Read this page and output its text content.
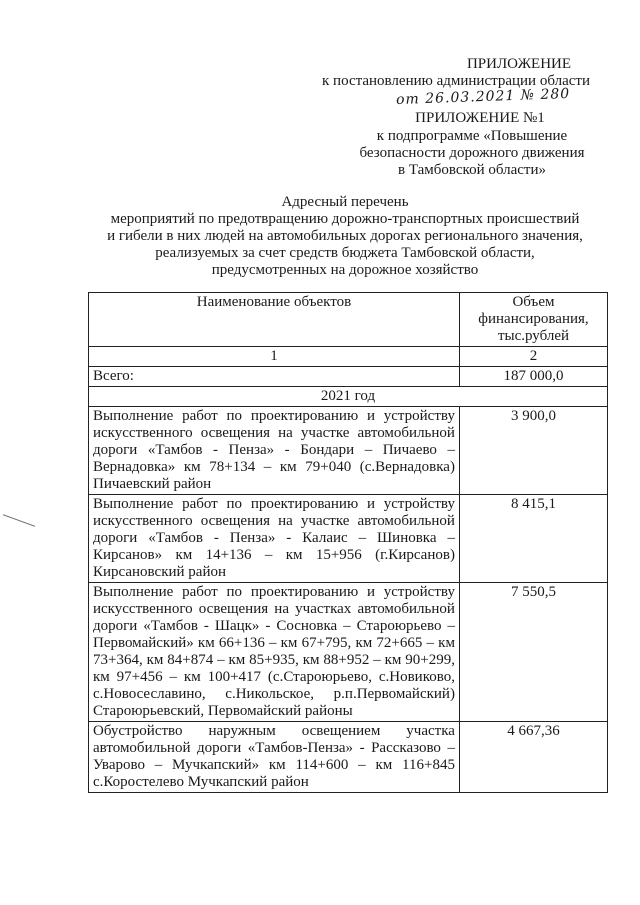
ПРИЛОЖЕНИЕ
к постановлению администрации области
от 26.03.2021 № 280
ПРИЛОЖЕНИЕ №1
к подпрограмме «Повышение
безопасности дорожного движения
в Тамбовской области»
Адресный перечень
мероприятий по предотвращению дорожно-транспортных происшествий
и гибели в них людей на автомобильных дорогах регионального значения,
реализуемых за счет средств бюджета Тамбовской области,
предусмотренных на дорожное хозяйство
Наименование объектов	Объем финансирования, тыс.рублей
1	2
Всего:	187 000,0
2021 год	
Выполнение работ по проектированию и устройству искусственного освещения на участке автомобильной дороги «Тамбов - Пенза» - Бондари – Пичаево – Вернадовка» км 78+134 – км 79+040 (с.Вернадовка) Пичаевский район	3 900,0
Выполнение работ по проектированию и устройству искусственного освещения на участке автомобильной дороги «Тамбов - Пенза» - Калаис – Шиновка – Кирсанов» км 14+136 – км 15+956 (г.Кирсанов) Кирсановский район	8 415,1
Выполнение работ по проектированию и устройству искусственного освещения на участках автомобильной дороги «Тамбов - Шацк» - Сосновка – Староюрьево – Первомайский» км 66+136 – км 67+795, км 72+665 – км 73+364, км 84+874 – км 85+935, км 88+952 – км 90+299, км 97+456 – км 100+417 (с.Староюрьево, с.Новиково, с.Новосеславино, с.Никольское, р.п.Первомайский) Староюрьевский, Первомайский районы	7 550,5
Обустройство наружным освещением участка автомобильной дороги «Тамбов-Пенза» - Рассказово – Уварово – Мучкапский» км 114+600 – км 116+845 с.Коростелево Мучкапский район	4 667,36
